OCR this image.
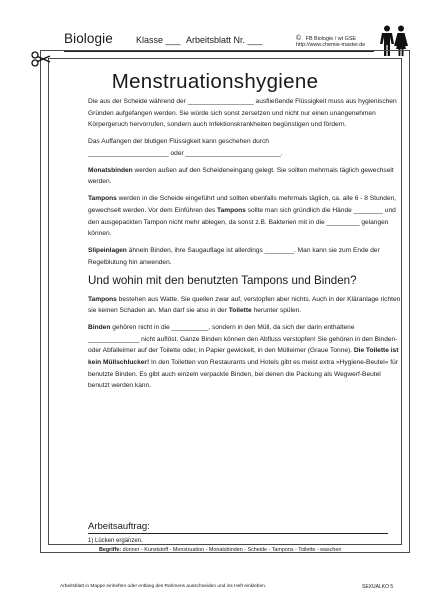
Biologie	Klasse ___ Arbeitsblatt Nr. ___	© FB Biologie / wt GSE
http://www.chemie-master.de
Menstruationshygiene

Die aus der Scheide während der __________________ ausfließende Flüssigkeit muss aus hygienischen Gründen aufgefangen werden. Sie würde sich sonst zersetzen und nicht nur einen unangenehmen Körpergeruch hervorrufen, sondern auch Infektionskrankheiten begünstigen und fördern.

Das Auffangen der blutigen Flüssigkeit kann geschehen durch

______________________ oder __________________________.

Monatsbinden werden außen auf den Scheideneingang gelegt. Sie sollten mehrmals täglich gewechselt werden.

Tampons werden in die Scheide eingeführt und sollten ebenfalls mehrmals täglich, ca. alle 6 - 8 Stunden, gewechselt werden. Vor dem Einführen des Tampons sollte man sich gründlich die Hände ________ und den ausgepackten Tampon nicht mehr ablegen, da sonst z.B. Bakterien mit in die _________ gelangen können.

Slipeinlagen ähneln Binden, ihre Saugauflage ist allerdings ________. Man kann sie zum Ende der Regelblutung hin anwenden.

Und wohin mit den benutzten Tampons und Binden?

Tampons bestehen aus Watte. Sie quellen zwar auf, verstopfen aber nichts. Auch in der Kläranlage richten sie keinen Schaden an. Man darf sie also in der Toilette herunter spülen.

Binden gehören nicht in die __________, sondern in den Müll, da sich der darin enthaltene ______________ nicht auflöst. Ganze Binden können den Abfluss verstopfen! Sie gehören in den Binden- oder Abfalleimer auf der Toilette oder, in Papier gewickelt, in den Mülleimer (Graue Tonne). Die Toilette ist kein Müllschlucker! In den Toiletten von Restaurants und Hotels gibt es meist extra »Hygiene-Beutel« für benutzte Binden. Es gibt auch einzeln verpackte Binden, bei denen die Packung als Wegwerf-Beutel benutzt werden kann.

Arbeitsauftrag:
1) Lücken ergänzen.
Begriffe: dünner - Kunststoff - Menstruation - Monatsbinden - Scheide - Tampons - Toilette - waschen
Arbeitsblatt in Mappe einheften oder entlang des Rahmens ausschneiden und ins Heft einkleben.	SEXUALKO 5
